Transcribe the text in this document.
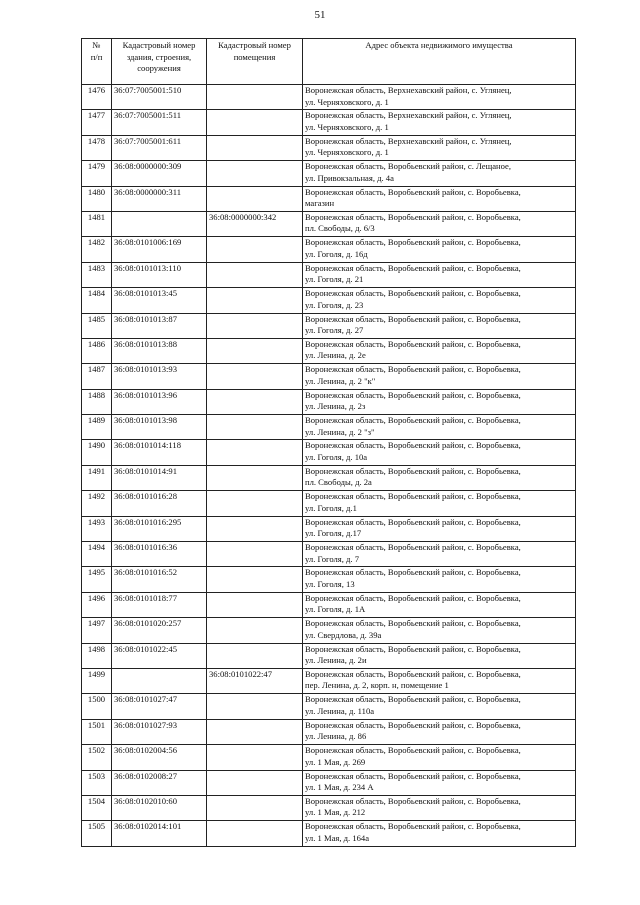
51
№
п/п	Кадастровый номер
здания, строения,
сооружения	Кадастровый номер
помещения	Адрес объекта недвижимого имущества

1476	36:07:7005001:510		Воронежская область, Верхнехавский район, с. Углянец,
ул. Черняховского, д. 1

1477	36:07:7005001:511		Воронежская область, Верхнехавский район, с. Углянец,
ул. Черняховского, д. 1

1478	36:07:7005001:611		Воронежская область, Верхнехавский район, с. Углянец,
ул. Черняховского, д. 1

1479	36:08:0000000:309		Воронежская область, Воробьевский район, с. Лещаное,
ул. Привокзальная, д. 4а

1480	36:08:0000000:311		Воронежская область, Воробьевский район, с. Воробьевка,
магазин

1481		36:08:0000000:342	Воронежская область, Воробьевский район, с. Воробьевка,
пл. Свободы, д. 6/3

1482	36:08:0101006:169		Воронежская область, Воробьевский район, с. Воробьевка,
ул. Гоголя, д. 16д

1483	36:08:0101013:110		Воронежская область, Воробьевский район, с. Воробьевка,
ул. Гоголя, д. 21

1484	36:08:0101013:45		Воронежская область, Воробьевский район, с. Воробьевка,
ул. Гоголя, д. 23

1485	36:08:0101013:87		Воронежская область, Воробьевский район, с. Воробьевка,
ул. Гоголя, д. 27

1486	36:08:0101013:88		Воронежская область, Воробьевский район, с. Воробьевка,
ул. Ленина, д. 2е

1487	36:08:0101013:93		Воронежская область, Воробьевский район, с. Воробьевка,
ул. Ленина, д. 2 "к"

1488	36:08:0101013:96		Воронежская область, Воробьевский район, с. Воробьевка,
ул. Ленина, д. 2з

1489	36:08:0101013:98		Воронежская область, Воробьевский район, с. Воробьевка,
ул. Ленина, д. 2 "з"

1490	36:08:0101014:118		Воронежская область, Воробьевский район, с. Воробьевка,
ул. Гоголя, д. 10а

1491	36:08:0101014:91		Воронежская область, Воробьевский район, с. Воробьевка,
пл. Свободы, д. 2а

1492	36:08:0101016:28		Воронежская область, Воробьевский район, с. Воробьевка,
ул. Гоголя, д.1

1493	36:08:0101016:295		Воронежская область, Воробьевский район, с. Воробьевка,
ул. Гоголя, д.17

1494	36:08:0101016:36		Воронежская область, Воробьевский район, с. Воробьевка,
ул. Гоголя, д. 7

1495	36:08:0101016:52		Воронежская область, Воробьевский район, с. Воробьевка,
ул. Гоголя, 13

1496	36:08:0101018:77		Воронежская область, Воробьевский район, с. Воробьевка,
ул. Гоголя, д. 1А

1497	36:08:0101020:257		Воронежская область, Воробьевский район, с. Воробьевка,
ул. Свердлова, д. 39а

1498	36:08:0101022:45		Воронежская область, Воробьевский район, с. Воробьевка,
ул. Ленина, д. 2и

1499		36:08:0101022:47	Воронежская область, Воробьевский район, с. Воробьевка,
пер. Ленина, д. 2, корп. н, помещение 1

1500	36:08:0101027:47		Воронежская область, Воробьевский район, с. Воробьевка,
ул. Ленина, д. 110а

1501	36:08:0101027:93		Воронежская область, Воробьевский район, с. Воробьевка,
ул. Ленина, д. 86

1502	36:08:0102004:56		Воронежская область, Воробьевский район, с. Воробьевка,
ул. 1 Мая, д. 269

1503	36:08:0102008:27		Воронежская область, Воробьевский район, с. Воробьевка,
ул. 1 Мая, д. 234 А

1504	36:08:0102010:60		Воронежская область, Воробьевский район, с. Воробьевка,
ул. 1 Мая, д. 212

1505	36:08:0102014:101		Воронежская область, Воробьевский район, с. Воробьевка,
ул. 1 Мая, д. 164а
